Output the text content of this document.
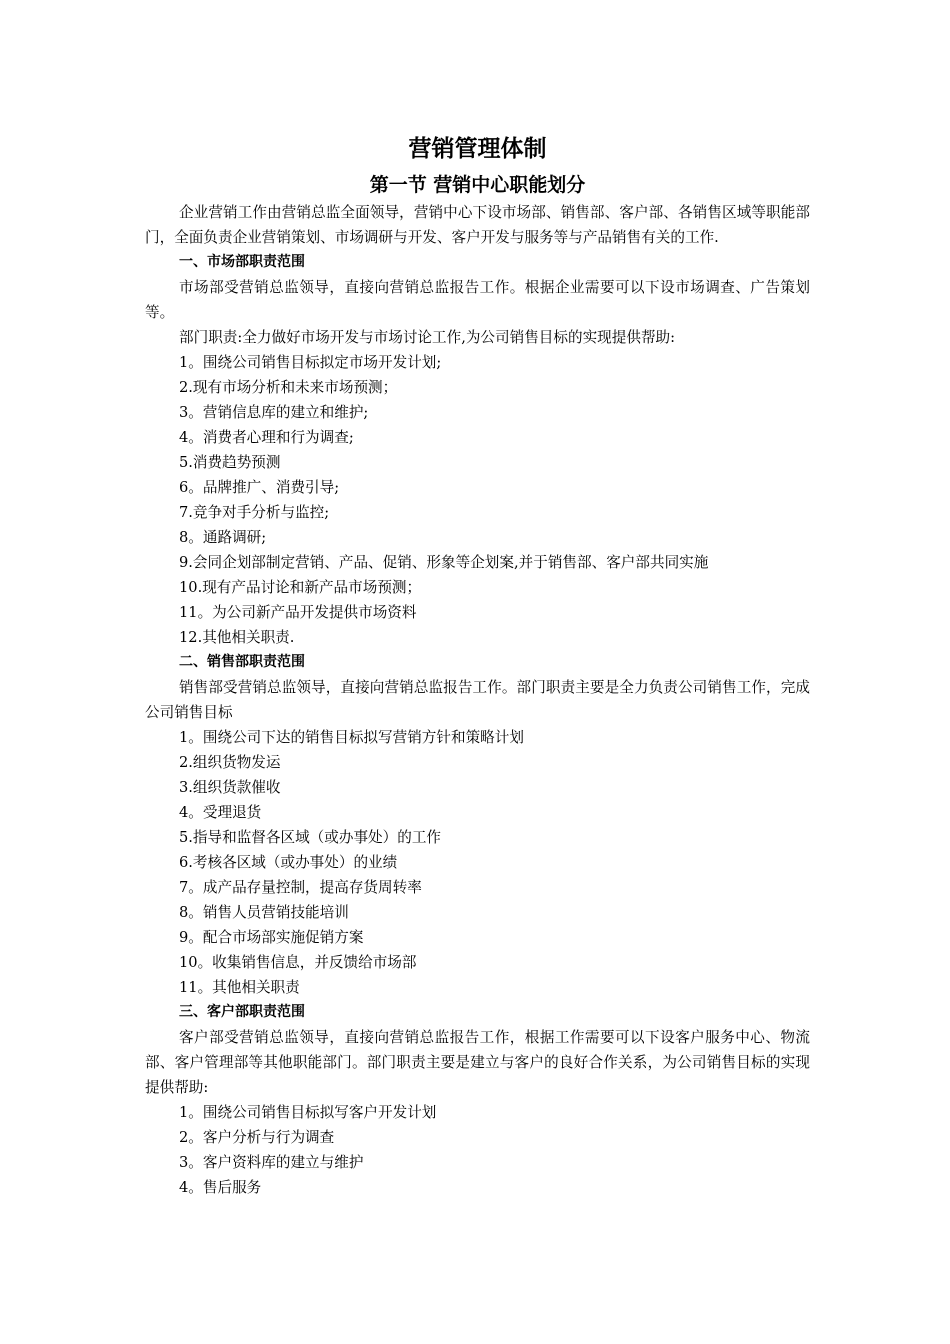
营销管理体制
第一节 营销中心职能划分

企业营销工作由营销总监全面领导，营销中心下设市场部、销售部、客户部、各销售区域等职能部门，全面负责企业营销策划、市场调研与开发、客户开发与服务等与产品销售有关的工作.

一、市场部职责范围

市场部受营销总监领导，直接向营销总监报告工作。根据企业需要可以下设市场调查、广告策划等。

部门职责:全力做好市场开发与市场讨论工作,为公司销售目标的实现提供帮助:

1。围绕公司销售目标拟定市场开发计划;

2.现有市场分析和未来市场预测；

3。营销信息库的建立和维护;

4。消费者心理和行为调查;

5.消费趋势预测

6。品牌推广、消费引导;

7.竞争对手分析与监控;

8。通路调研;

9.会同企划部制定营销、产品、促销、形象等企划案,并于销售部、客户部共同实施

10.现有产品讨论和新产品市场预测；

11。为公司新产品开发提供市场资料

12.其他相关职责.

二、销售部职责范围

销售部受营销总监领导，直接向营销总监报告工作。部门职责主要是全力负责公司销售工作，完成公司销售目标

1。围绕公司下达的销售目标拟写营销方针和策略计划

2.组织货物发运

3.组织货款催收

4。受理退货

5.指导和监督各区域（或办事处）的工作

6.考核各区域（或办事处）的业绩

7。成产品存量控制，提高存货周转率

8。销售人员营销技能培训

9。配合市场部实施促销方案

10。收集销售信息，并反馈给市场部

11。其他相关职责

三、客户部职责范围

客户部受营销总监领导，直接向营销总监报告工作，根据工作需要可以下设客户服务中心、物流部、客户管理部等其他职能部门。部门职责主要是建立与客户的良好合作关系，为公司销售目标的实现提供帮助:

1。围绕公司销售目标拟写客户开发计划

2。客户分析与行为调查

3。客户资料库的建立与维护

4。售后服务
